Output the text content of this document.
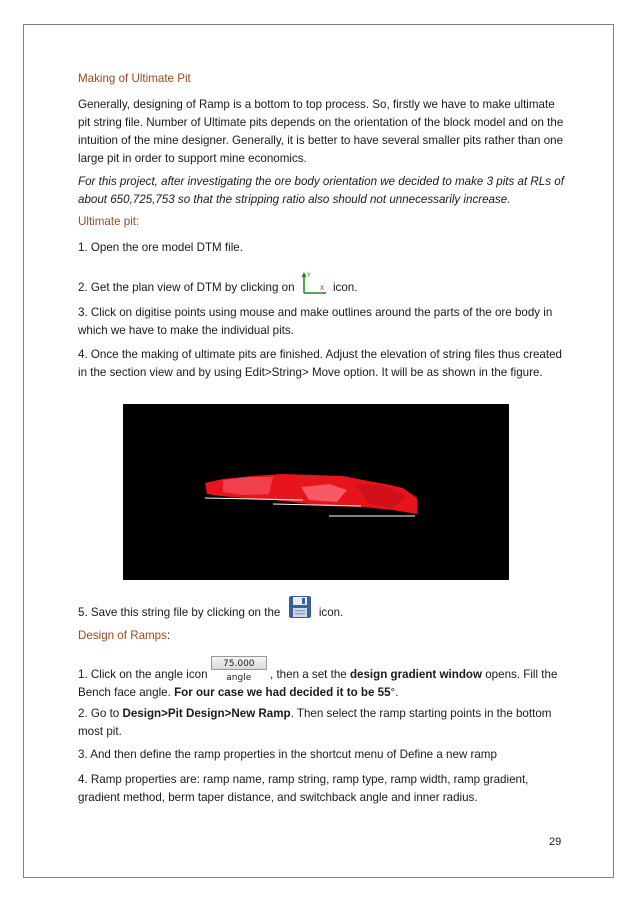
Making of Ultimate Pit

Generally, designing of Ramp is a bottom to top process. So, firstly we have to make ultimate pit string file. Number of Ultimate pits depends on the orientation of the block model and on the intuition of the mine designer. Generally, it is better to have several smaller pits rather than one large pit in order to support mine economics.

For this project, after investigating the ore body orientation we decided to make 3 pits at RLs of about 650,725,753 so that the stripping ratio also should not unnecessarily increase.

Ultimate pit:

1. Open the ore model DTM file.

2. Get the plan view of DTM by clicking on
Y
X icon.

3. Click on digitise points using mouse and make outlines around the parts of the ore body in which we have to make the individual pits.

4. Once the making of ultimate pits are finished. Adjust the elevation of string files thus created in the section view and by using Edit>String> Move option. It will be as shown in the figure.

5. Save this string file by clicking on the	icon.

Design of Ramps:

1. Click on the angle icon 75.000 angle , then a set the design gradient window opens. Fill the Bench face angle. For our case we had decided it to be 55°.

2. Go to Design>Pit Design>New Ramp. Then select the ramp starting points in the bottom most pit.

3. And then define the ramp properties in the shortcut menu of Define a new ramp

4. Ramp properties are: ramp name, ramp string, ramp type, ramp width, ramp gradient, gradient method, berm taper distance, and switchback angle and inner radius.

29
